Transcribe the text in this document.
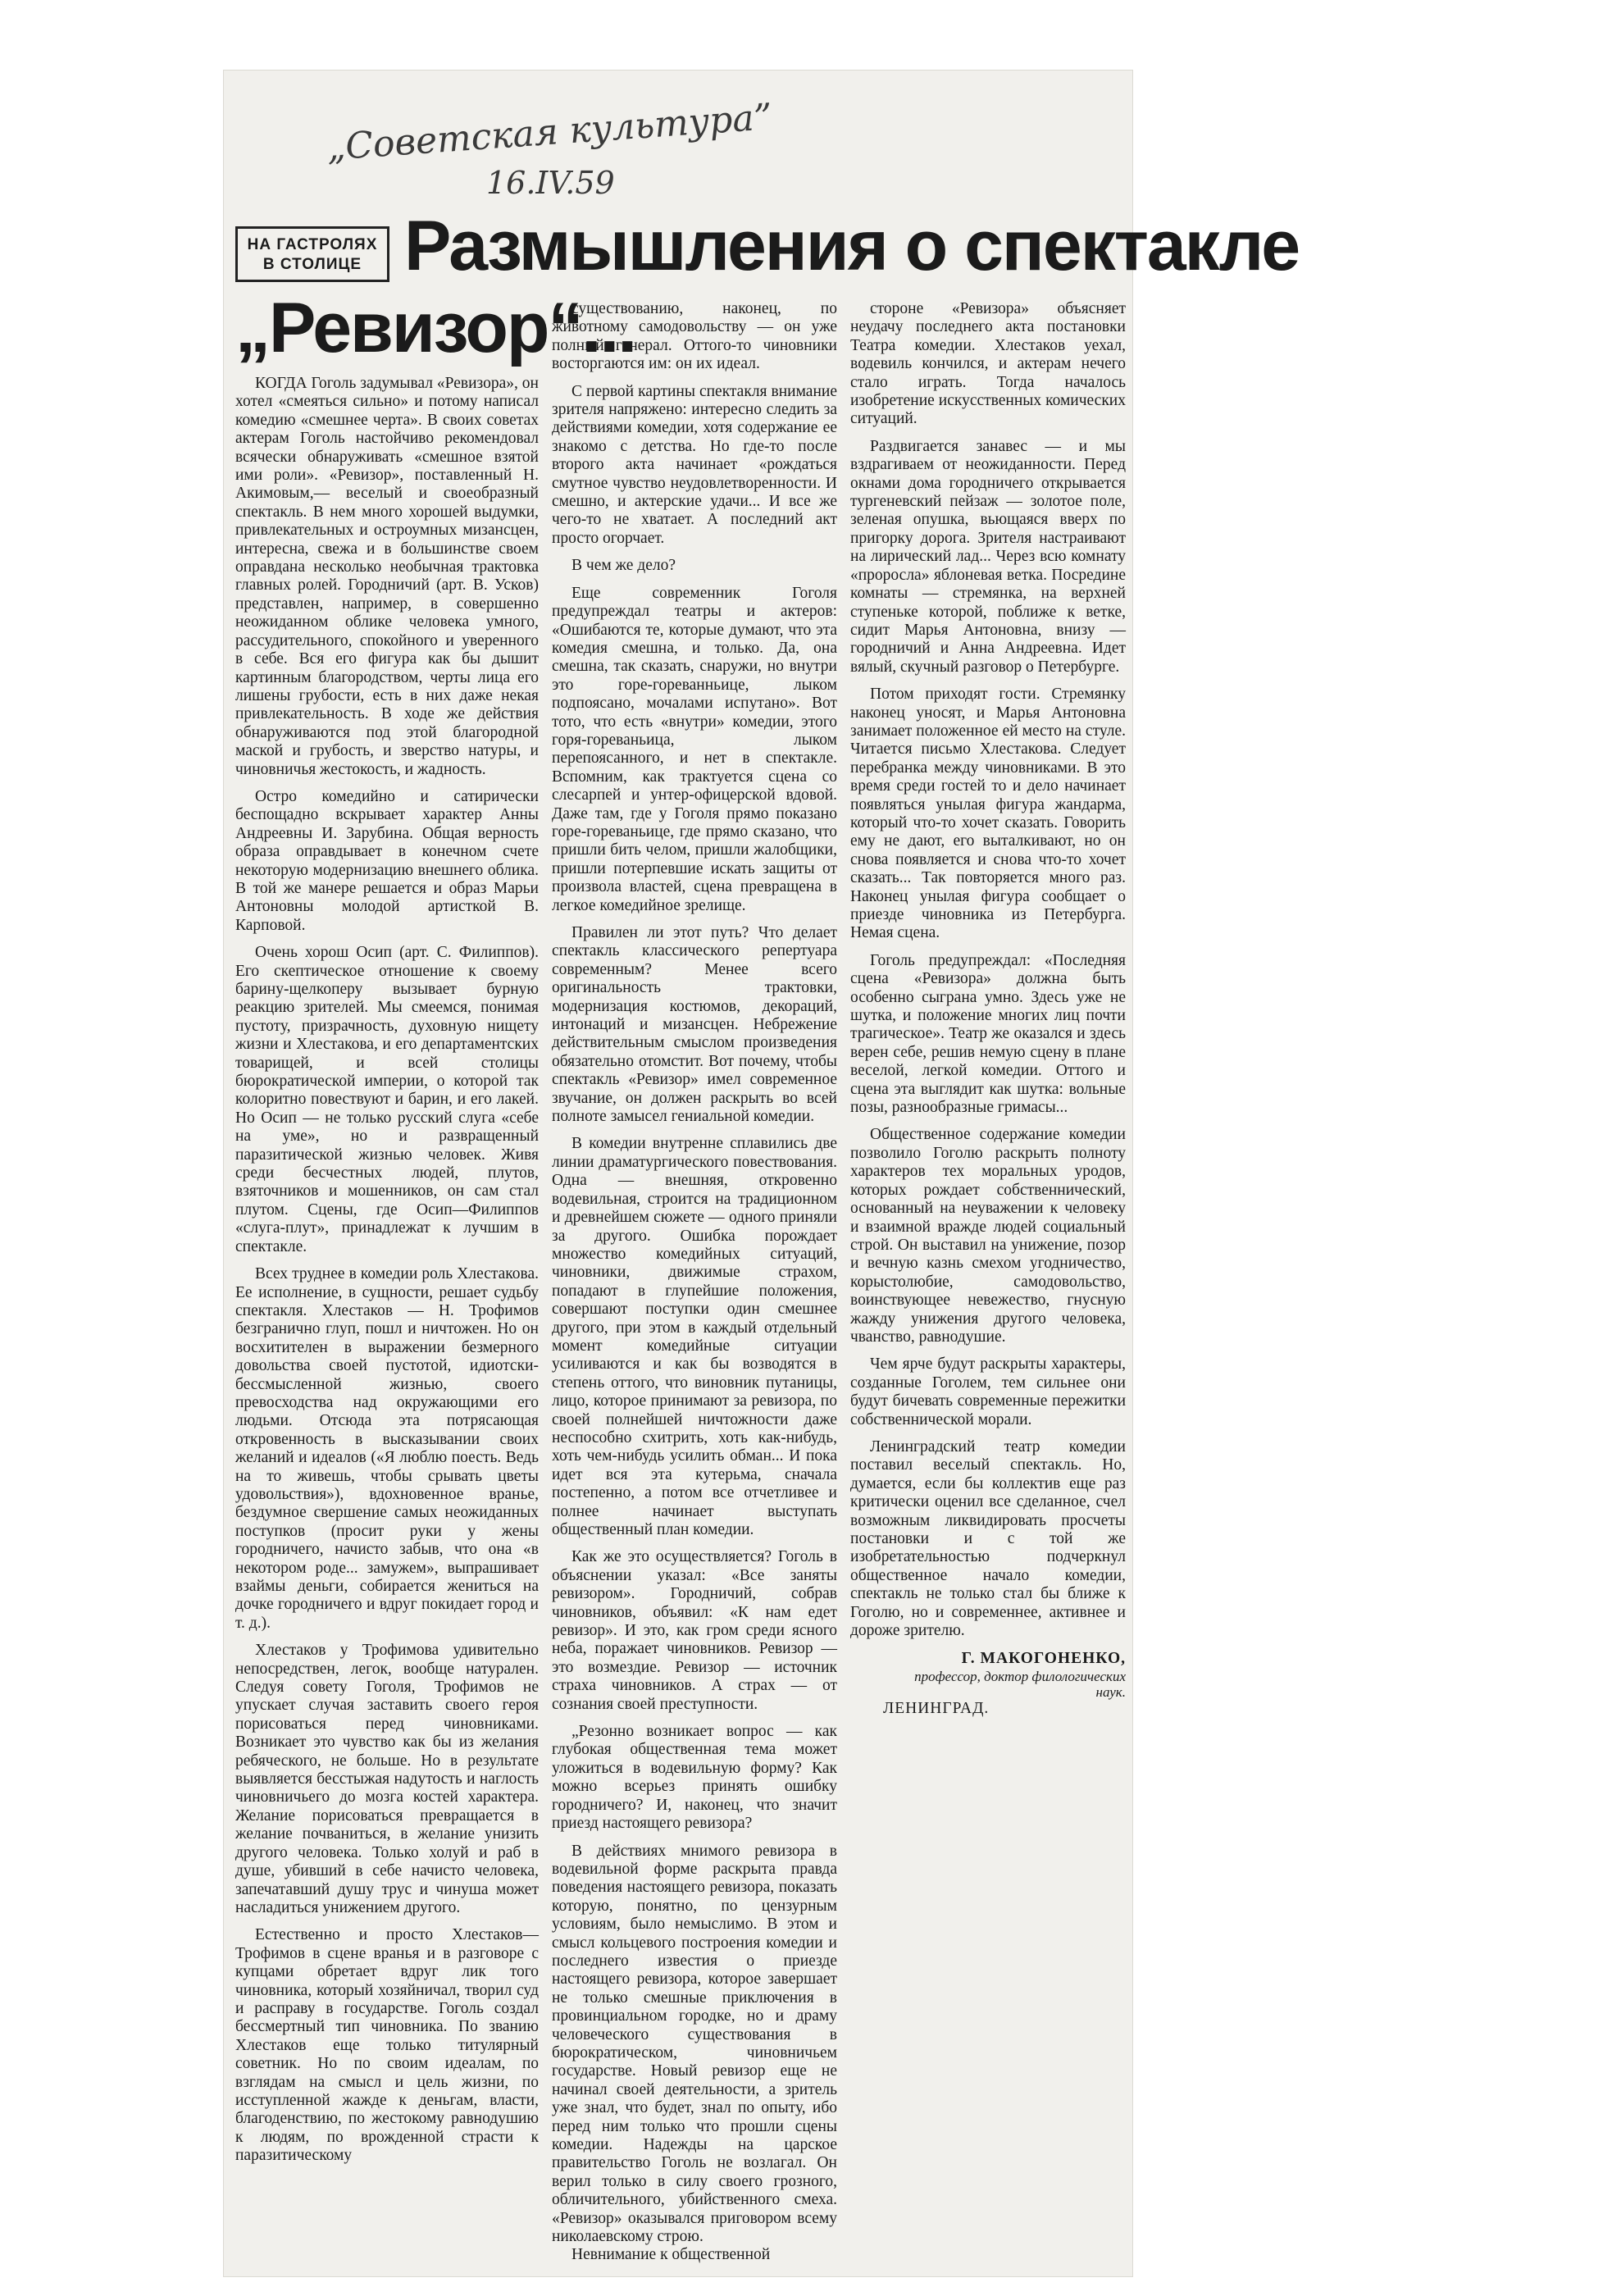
„Советская культура”
16.IV.59
НА ГАСТРОЛЯХ
В СТОЛИЦЕ Размышления о спектакле
„Ревизор“...

КОГДА Гоголь задумывал «Ревизора», он хотел «смеяться сильно» и потому написал комедию «смешнее черта». В своих советах актерам Гоголь настойчиво рекомендовал всячески обнаруживать «смешное взятой ими роли». «Ревизор», поставленный Н. Акимовым,— веселый и своеобразный спектакль. В нем много хорошей выдумки, привлекательных и остроумных мизансцен, интересна, свежа и в большинстве своем оправдана несколько необычная трактовка главных ролей. Городничий (арт. В. Усков) представлен, например, в совершенно неожиданном облике человека умного, рассудительного, спокойного и уверенного в себе. Вся его фигура как бы дышит картинным благородством, черты лица его лишены грубости, есть в них даже некая привлекательность. В ходе же действия обнаруживаются под этой благородной маской и грубость, и зверство натуры, и чиновничья жестокость, и жадность.

Остро комедийно и сатирически беспощадно вскрывает характер Анны Андреевны И. Зарубина. Общая верность образа оправдывает в конечном счете некоторую модернизацию внешнего облика. В той же манере решается и образ Марьи Антоновны молодой артисткой В. Карповой.

Очень хорош Осип (арт. С. Филиппов). Его скептическое отношение к своему барину-щелкоперу вызывает бурную реакцию зрителей. Мы смеемся, понимая пустоту, призрачность, духовную нищету жизни и Хлестакова, и его департаментских товарищей, и всей столицы бюрократической империи, о которой так колоритно повествуют и барин, и его лакей. Но Осип — не только русский слуга «себе на уме», но и развращенный паразитической жизнью человек. Живя среди бесчестных людей, плутов, взяточников и мошенников, он сам стал плутом. Сцены, где Осип—Филиппов «слуга-плут», принадлежат к лучшим в спектакле.

Всех труднее в комедии роль Хлестакова. Ее исполнение, в сущности, решает судьбу спектакля. Хлестаков — Н. Трофимов безгранично глуп, пошл и ничтожен. Но он восхитителен в выражении безмерного довольства своей пустотой, идиотски-бессмысленной жизнью, своего превосходства над окружающими его людьми. Отсюда эта потрясающая откровенность в высказывании своих желаний и идеалов («Я люблю поесть. Ведь на то живешь, чтобы срывать цветы удовольствия»), вдохновенное вранье, бездумное свершение самых неожиданных поступков (просит руки у жены городничего, начисто забыв, что она «в некотором роде... замужем», выпрашивает взаймы деньги, собирается жениться на дочке городничего и вдруг покидает город и т. д.).

Хлестаков у Трофимова удивительно непосредствен, легок, вообще натурален. Следуя совету Гоголя, Трофимов не упускает случая заставить своего героя порисоваться перед чиновниками. Возникает это чувство как бы из желания ребяческого, не больше. Но в результате выявляется бесстыжая надутость и наглость чиновничьего до мозга костей характера. Желание порисоваться превращается в желание почваниться, в желание унизить другого человека. Только холуй и раб в душе, убивший в себе начисто человека, запечатавший душу трус и чинуша может насладиться унижением другого.

Естественно и просто Хлестаков—Трофимов в сцене вранья и в разговоре с купцами обретает вдруг лик того чиновника, который хозяйничал, творил суд и расправу в государстве. Гоголь создал бессмертный тип чиновника. По званию Хлестаков еще только титулярный советник. Но по своим идеалам, по взглядам на смысл и цель жизни, по исступленной жажде к деньгам, власти, благоденствию, по жестокому равнодушию к людям, по врожденной страсти к паразитическому

существованию, наконец, по животному самодовольству — он уже полный генерал. Оттого-то чиновники восторгаются им: он их идеал.

С первой картины спектакля внимание зрителя напряжено: интересно следить за действиями комедии, хотя содержание ее знакомо с детства. Но где-то после второго акта начинает «рождаться смутное чувство неудовлетворенности. И смешно, и актерские удачи... И все же чего-то не хватает. А последний акт просто огорчает.

В чем же дело?

Еще современник Гоголя предупреждал театры и актеров: «Ошибаются те, которые думают, что эта комедия смешна, и только. Да, она смешна, так сказать, снаружи, но внутри это горе-гореванньице, лыком подпоясано, мочалами испутано». Вот тото, что есть «внутри» комедии, этого горя-гореваньица, лыком перепоясанного, и нет в спектакле. Вспомним, как трактуется сцена со слесарпей и унтер-офицерской вдовой. Даже там, где у Гоголя прямо показано горе-гореваньице, где прямо сказано, что пришли бить челом, пришли жалобщики, пришли потерпевшие искать защиты от произвола властей, сцена превращена в легкое комедийное зрелище.

Правилен ли этот путь? Что делает спектакль классического репертуара современным? Менее всего оригинальность трактовки, модернизация костюмов, декораций, интонаций и мизансцен. Небрежение действительным смыслом произведения обязательно отомстит. Вот почему, чтобы спектакль «Ревизор» имел современное звучание, он должен раскрыть во всей полноте замысел гениальной комедии.

В комедии внутренне сплавились две линии драматургического повествования. Одна — внешняя, откровенно водевильная, строится на традиционном и древнейшем сюжете — одного приняли за другого. Ошибка порождает множество комедийных ситуаций, чиновники, движимые страхом, попадают в глупейшие положения, совершают поступки один смешнее другого, при этом в каждый отдельный момент комедийные ситуации усиливаются и как бы возводятся в степень оттого, что виновник путаницы, лицо, которое принимают за ревизора, по своей полнейшей ничтожности даже неспособно схитрить, хоть как-нибудь, хоть чем-нибудь усилить обман... И пока идет вся эта кутерьма, сначала постепенно, а потом все отчетливее и полнее начинает выступать общественный план комедии.

Как же это осуществляется? Гоголь в объяснении указал: «Все заняты ревизором». Городничий, собрав чиновников, объявил: «К нам едет ревизор». И это, как гром среди ясного неба, поражает чиновников. Ревизор — это возмездие. Ревизор — источник страха чиновников. А страх — от сознания своей преступности.

„Резонно возникает вопрос — как глубокая общественная тема может уложиться в водевильную форму? Как можно всерьез принять ошибку городничего? И, наконец, что значит приезд настоящего ревизора?

В действиях мнимого ревизора в водевильной форме раскрыта правда поведения настоящего ревизора, показать которую, понятно, по цензурным условиям, было немыслимо. В этом и смысл кольцевого построения комедии и последнего известия о приезде настоящего ревизора, которое завершает не только смешные приключения в провинциальном городке, но и драму человеческого существования в бюрократическом, чиновничьем государстве. Новый ревизор еще не начинал своей деятельности, а зритель уже знал, что будет, знал по опыту, ибо перед ним только что прошли сцены комедии. Надежды на царское правительство Гоголь не возлагал. Он верил только в силу своего грозного, обличительного, убийственного смеха. «Ревизор» оказывался приговором всему николаевскому строю.

Невнимание к общественной

стороне «Ревизора» объясняет неудачу последнего акта постановки Театра комедии. Хлестаков уехал, водевиль кончился, и актерам нечего стало играть. Тогда началось изобретение искусственных комических ситуаций.

Раздвигается занавес — и мы вздрагиваем от неожиданности. Перед окнами дома городничего открывается тургеневский пейзаж — золотое поле, зеленая опушка, вьющаяся вверх по пригорку дорога. Зрителя настраивают на лирический лад... Через всю комнату «проросла» яблоневая ветка. Посредине комнаты — стремянка, на верхней ступеньке которой, поближе к ветке, сидит Марья Антоновна, внизу — городничий и Анна Андреевна. Идет вялый, скучный разговор о Петербурге.

Потом приходят гости. Стремянку наконец уносят, и Марья Антоновна занимает положенное ей место на стуле. Читается письмо Хлестакова. Следует перебранка между чиновниками. В это время среди гостей то и дело начинает появляться унылая фигура жандарма, который что-то хочет сказать. Говорить ему не дают, его выталкивают, но он снова появляется и снова что-то хочет сказать... Так повторяется много раз. Наконец унылая фигура сообщает о приезде чиновника из Петербурга. Немая сцена.

Гоголь предупреждал: «Последняя сцена «Ревизора» должна быть особенно сыграна умно. Здесь уже не шутка, и положение многих лиц почти трагическое». Театр же оказался и здесь верен себе, решив немую сцену в плане веселой, легкой комедии. Оттого и сцена эта выглядит как шутка: вольные позы, разнообразные гримасы...

Общественное содержание комедии позволило Гоголю раскрыть полноту характеров тех моральных уродов, которых рождает собственнический, основанный на неуважении к человеку и взаимной вражде людей социальный строй. Он выставил на унижение, позор и вечную казнь смехом угодничество, корыстолюбие, самодовольство, воинствующее невежество, гнусную жажду унижения другого человека, чванство, равнодушие.

Чем ярче будут раскрыты характеры, созданные Гоголем, тем сильнее они будут бичевать современные пережитки собственнической морали.

Ленинградский театр комедии поставил веселый спектакль. Но, думается, если бы коллектив еще раз критически оценил все сделанное, счел возможным ликвидировать просчеты постановки и с той же изобретательностью подчеркнул общественное начало комедии, спектакль не только стал бы ближе к Гоголю, но и современнее, активнее и дороже зрителю.

Г. МАКОГОНЕНКО,
профессор, доктор филологических наук.
ЛЕНИНГРАД.
